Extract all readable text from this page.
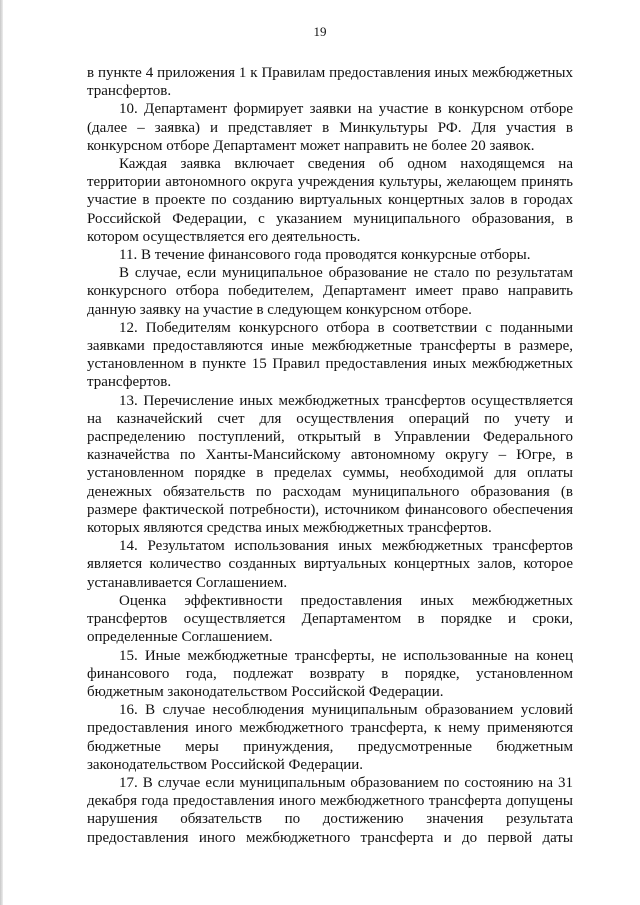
19

в пункте 4 приложения 1 к Правилам предоставления иных межбюджетных трансфертов.

10. Департамент формирует заявки на участие в конкурсном отборе (далее – заявка) и представляет в Минкультуры РФ. Для участия в конкурсном отборе Департамент может направить не более 20 заявок.

Каждая заявка включает сведения об одном находящемся на территории автономного округа учреждения культуры, желающем принять участие в проекте по созданию виртуальных концертных залов в городах Российской Федерации, с указанием муниципального образования, в котором осуществляется его деятельность.

11. В течение финансового года проводятся конкурсные отборы.

В случае, если муниципальное образование не стало по результатам конкурсного отбора победителем, Департамент имеет право направить данную заявку на участие в следующем конкурсном отборе.

12. Победителям конкурсного отбора в соответствии с поданными заявками предоставляются иные межбюджетные трансферты в размере, установленном в пункте 15 Правил предоставления иных межбюджетных трансфертов.

13. Перечисление иных межбюджетных трансфертов осуществляется на казначейский счет для осуществления операций по учету и распределению поступлений, открытый в Управлении Федерального казначейства по Ханты-Мансийскому автономному округу – Югре, в установленном порядке в пределах суммы, необходимой для оплаты денежных обязательств по расходам муниципального образования (в размере фактической потребности), источником финансового обеспечения которых являются средства иных межбюджетных трансфертов.

14. Результатом использования иных межбюджетных трансфертов является количество созданных виртуальных концертных залов, которое устанавливается Соглашением.

Оценка эффективности предоставления иных межбюджетных трансфертов осуществляется Департаментом в порядке и сроки, определенные Соглашением.

15. Иные межбюджетные трансферты, не использованные на конец финансового года, подлежат возврату в порядке, установленном бюджетным законодательством Российской Федерации.

16. В случае несоблюдения муниципальным образованием условий предоставления иного межбюджетного трансферта, к нему применяются бюджетные меры принуждения, предусмотренные бюджетным законодательством Российской Федерации.

17. В случае если муниципальным образованием по состоянию на 31 декабря года предоставления иного межбюджетного трансферта допущены нарушения обязательств по достижению значения результата предоставления иного межбюджетного трансферта и до первой даты
